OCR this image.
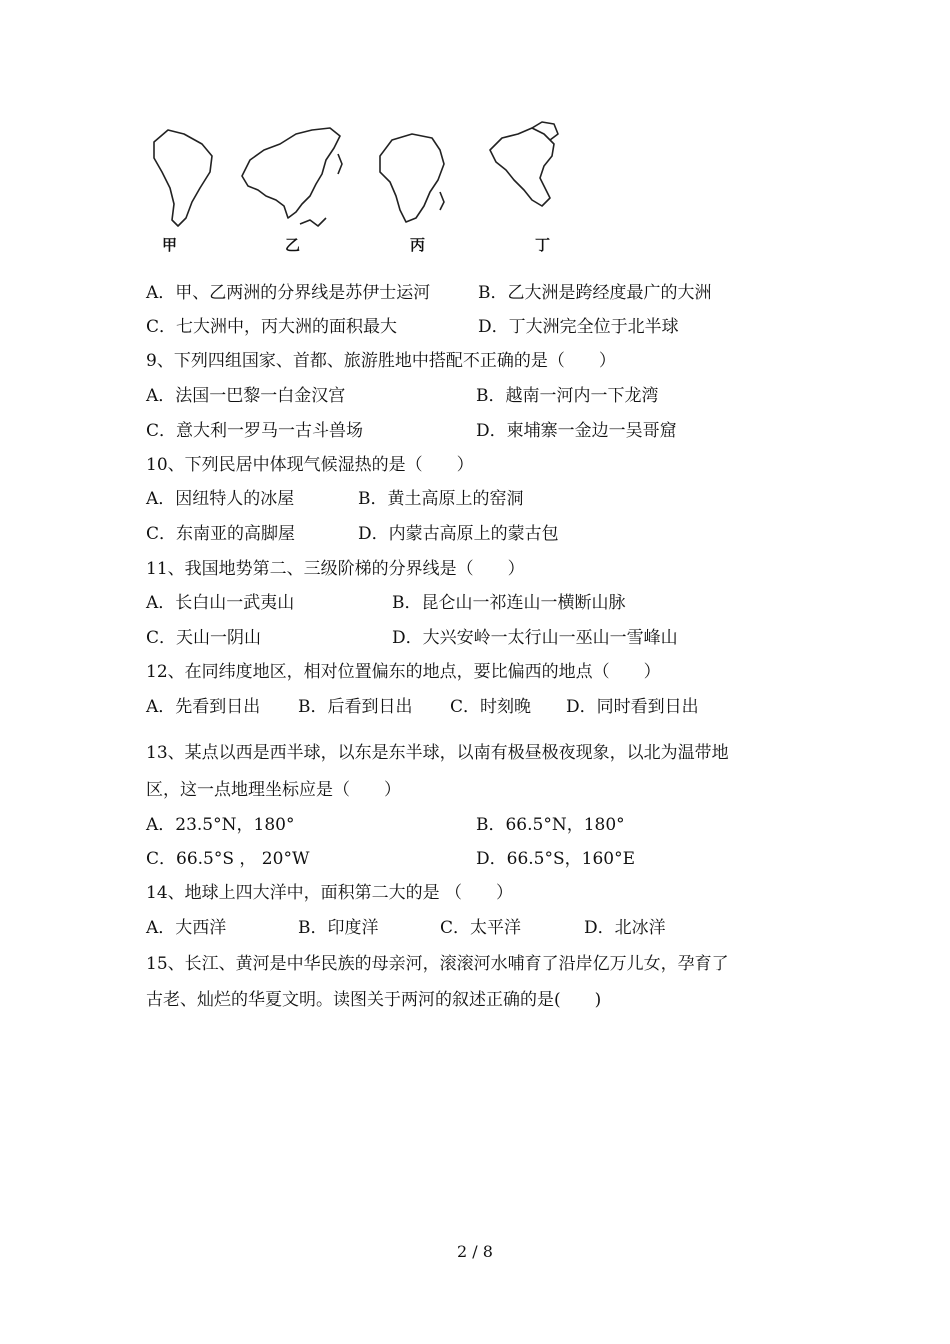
甲	乙	丙	丁
A．甲、乙两洲的分界线是苏伊士运河	B．乙大洲是跨经度最广的大洲
C．七大洲中，丙大洲的面积最大	D．丁大洲完全位于北半球
9、下列四组国家、首都、旅游胜地中搭配不正确的是（　　）
A．法国一巴黎一白金汉宫	B．越南一河内一下龙湾
C．意大利一罗马一古斗兽场	D．柬埔寨一金边一吴哥窟
10、下列民居中体现气候湿热的是（　　）
A．因纽特人的冰屋	B．黄土高原上的窑洞
C．东南亚的高脚屋	D．内蒙古高原上的蒙古包
11、我国地势第二、三级阶梯的分界线是（　　）
A．长白山一武夷山	B．昆仑山一祁连山一横断山脉
C．天山一阴山	D．大兴安岭一太行山一巫山一雪峰山
12、在同纬度地区，相对位置偏东的地点，要比偏西的地点（　　）
A．先看到日出 B．后看到日出 C．时刻晚 D．同时看到日出
13、某点以西是西半球，以东是东半球，以南有极昼极夜现象，以北为温带地
区，这一点地理坐标应是（　　）
A．23.5°N，180°	B．66.5°N，180°
C．66.5°S ， 20°W	D．66.5°S，160°E
14、地球上四大洋中，面积第二大的是 （　　）
A．大西洋	B．印度洋	C．太平洋	D．北冰洋
15、长江、黄河是中华民族的母亲河，滚滚河水哺育了沿岸亿万儿女，孕育了
古老、灿烂的华夏文明。读图关于两河的叙述正确的是(　　)
2 / 8
